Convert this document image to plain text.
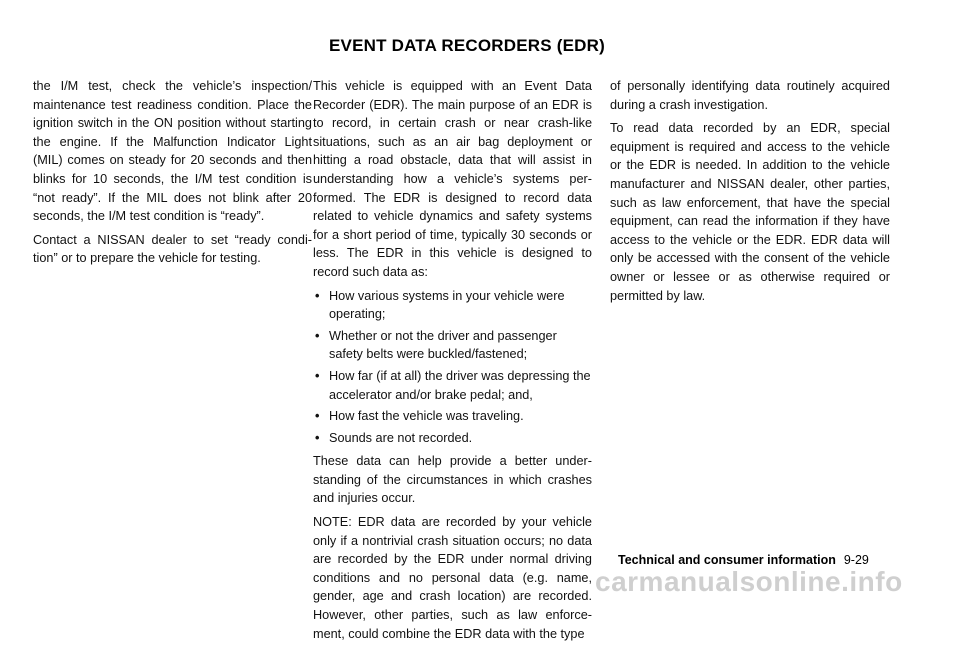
EVENT DATA RECORDERS (EDR)

the I/M test, check the vehicle’s inspection/ maintenance test readiness condition. Place the ignition switch in the ON position without starting the engine. If the Malfunction Indicator Light (MIL) comes on steady for 20 seconds and then blinks for 10 seconds, the I/M test condition is “not ready”. If the MIL does not blink after 20 seconds, the I/M test condition is “ready”.

Contact a NISSAN dealer to set “ready condi- tion” or to prepare the vehicle for testing.

This vehicle is equipped with an Event Data Recorder (EDR). The main purpose of an EDR is to record, in certain crash or near crash-like situations, such as an air bag deployment or hitting a road obstacle, data that will assist in understanding how a vehicle’s systems per- formed. The EDR is designed to record data related to vehicle dynamics and safety systems for a short period of time, typically 30 seconds or less. The EDR in this vehicle is designed to record such data as:

• How various systems in your vehicle were operating;
• Whether or not the driver and passenger safety belts were buckled/fastened;
• How far (if at all) the driver was depressing the accelerator and/or brake pedal; and,
• How fast the vehicle was traveling.
• Sounds are not recorded.

These data can help provide a better under- standing of the circumstances in which crashes and injuries occur.

NOTE: EDR data are recorded by your vehicle only if a nontrivial crash situation occurs; no data are recorded by the EDR under normal driving conditions and no personal data (e.g. name, gender, age and crash location) are recorded. However, other parties, such as law enforce- ment, could combine the EDR data with the type

of personally identifying data routinely acquired during a crash investigation.

To read data recorded by an EDR, special equipment is required and access to the vehicle or the EDR is needed. In addition to the vehicle manufacturer and NISSAN dealer, other parties, such as law enforcement, that have the special equipment, can read the information if they have access to the vehicle or the EDR. EDR data will only be accessed with the consent of the vehicle owner or lessee or as otherwise required or permitted by law.

Technical and consumer information 9-29
carmanualsonline.info
